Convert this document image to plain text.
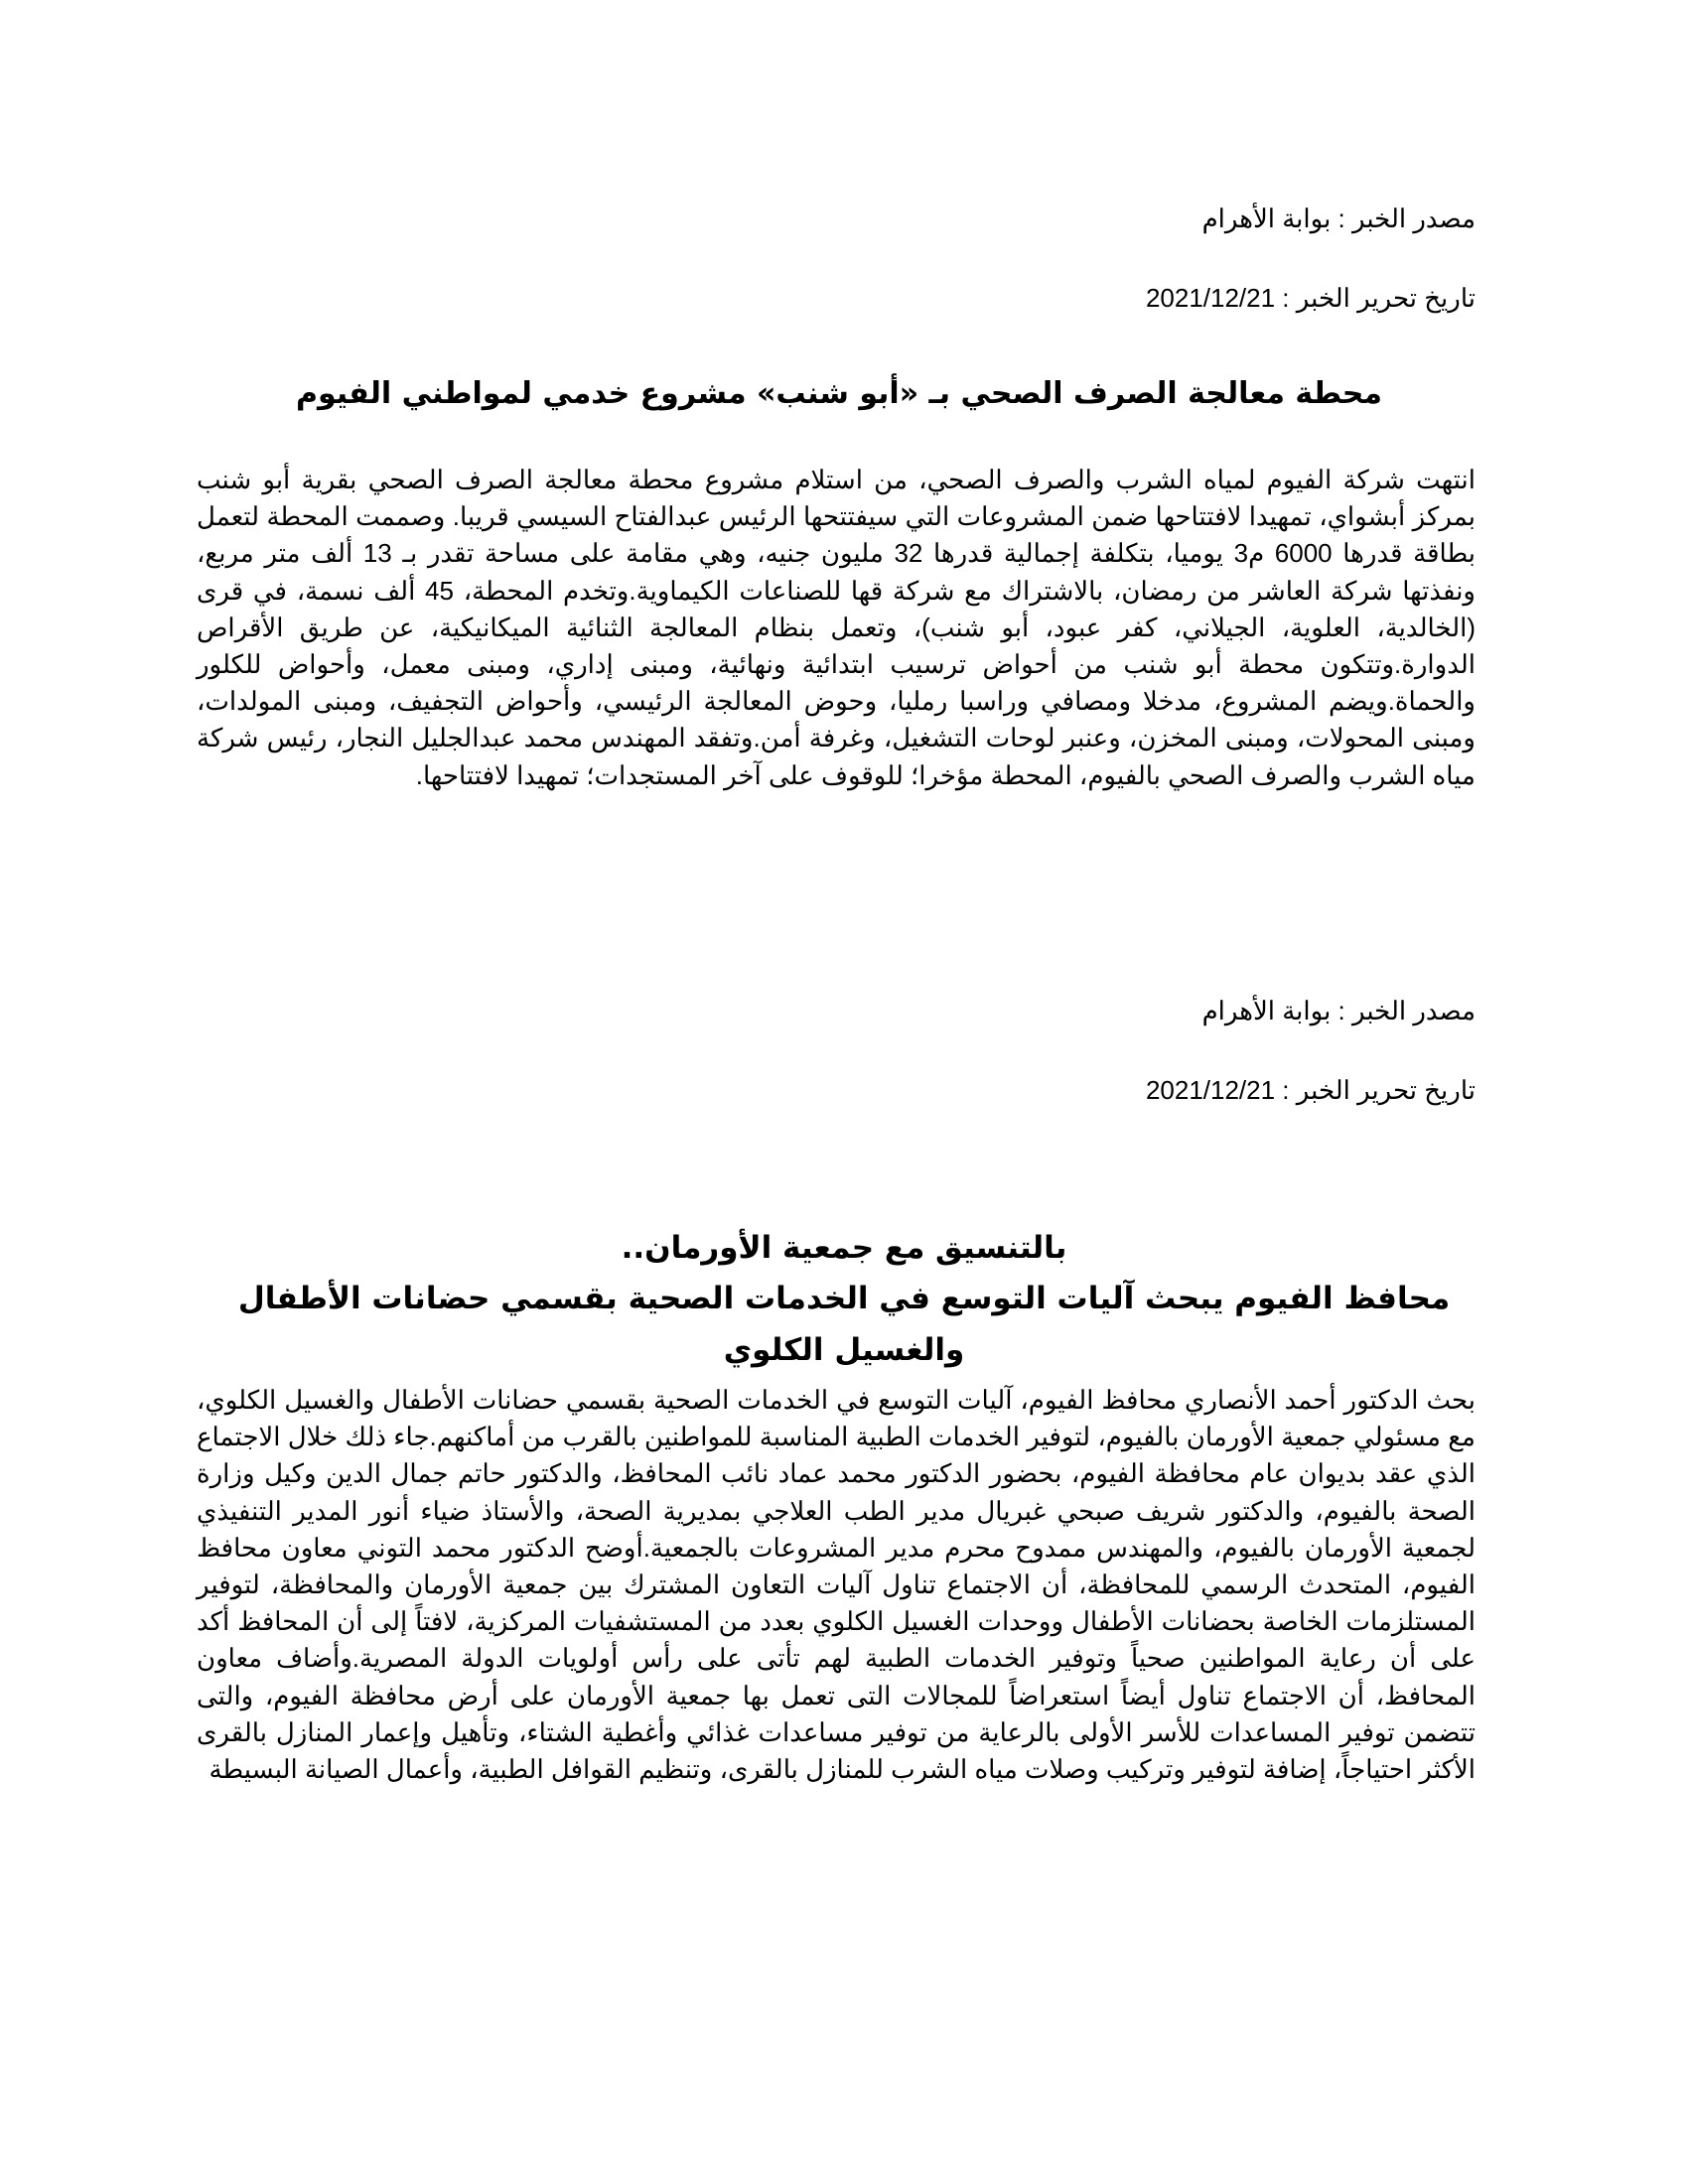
مصدر الخبر : بوابة الأهرام
تاريخ تحرير الخبر : 2021/12/21
محطة معالجة الصرف الصحي بـ «أبو شنب» مشروع خدمي لمواطني الفيوم

انتهت شركة الفيوم لمياه الشرب والصرف الصحي، من استلام مشروع محطة معالجة الصرف الصحي بقرية أبو شنب بمركز أبشواي، تمهيدا لافتتاحها ضمن المشروعات التي سيفتتحها الرئيس عبدالفتاح السيسي قريبا. وصممت المحطة لتعمل بطاقة قدرها 6000 م3 يوميا، بتكلفة إجمالية قدرها 32 مليون جنيه، وهي مقامة على مساحة تقدر بـ 13 ألف متر مربع، ونفذتها شركة العاشر من رمضان، بالاشتراك مع شركة قها للصناعات الكيماوية.وتخدم المحطة، 45 ألف نسمة، في قرى (الخالدية، العلوية، الجيلاني، كفر عبود، أبو شنب)، وتعمل بنظام المعالجة الثنائية الميكانيكية، عن طريق الأقراص الدوارة.وتتكون محطة أبو شنب من أحواض ترسيب ابتدائية ونهائية، ومبنى إداري، ومبنى معمل، وأحواض للكلور والحماة.ويضم المشروع، مدخلا ومصافي وراسبا رمليا، وحوض المعالجة الرئيسي، وأحواض التجفيف، ومبنى المولدات، ومبنى المحولات، ومبنى المخزن، وعنبر لوحات التشغيل، وغرفة أمن.وتفقد المهندس محمد عبدالجليل النجار، رئيس شركة مياه الشرب والصرف الصحي بالفيوم، المحطة مؤخرا؛ للوقوف على آخر المستجدات؛ تمهيدا لافتتاحها.

مصدر الخبر : بوابة الأهرام
تاريخ تحرير الخبر : 2021/12/21
بالتنسيق مع جمعية الأورمان..
محافظ الفيوم يبحث آليات التوسع في الخدمات الصحية بقسمي حضانات الأطفال
والغسيل الكلوي

بحث الدكتور أحمد الأنصاري محافظ الفيوم، آليات التوسع في الخدمات الصحية بقسمي حضانات الأطفال والغسيل الكلوي، مع مسئولي جمعية الأورمان بالفيوم، لتوفير الخدمات الطبية المناسبة للمواطنين بالقرب من أماكنهم.جاء ذلك خلال الاجتماع الذي عقد بديوان عام محافظة الفيوم، بحضور الدكتور محمد عماد نائب المحافظ، والدكتور حاتم جمال الدين وكيل وزارة الصحة بالفيوم، والدكتور شريف صبحي غبريال مدير الطب العلاجي بمديرية الصحة، والأستاذ ضياء أنور المدير التنفيذي لجمعية الأورمان بالفيوم، والمهندس ممدوح محرم مدير المشروعات بالجمعية.أوضح الدكتور محمد التوني معاون محافظ الفيوم، المتحدث الرسمي للمحافظة، أن الاجتماع تناول آليات التعاون المشترك بين جمعية الأورمان والمحافظة، لتوفير المستلزمات الخاصة بحضانات الأطفال ووحدات الغسيل الكلوي بعدد من المستشفيات المركزية، لافتاً إلى أن المحافظ أكد على أن رعاية المواطنين صحياً وتوفير الخدمات الطبية لهم تأتى على رأس أولويات الدولة المصرية.وأضاف معاون المحافظ، أن الاجتماع تناول أيضاً استعراضاً للمجالات التى تعمل بها جمعية الأورمان على أرض محافظة الفيوم، والتى تتضمن توفير المساعدات للأسر الأولى بالرعاية من توفير مساعدات غذائي وأغطية الشتاء، وتأهيل وإعمار المنازل بالقرى الأكثر احتياجاً، إضافة لتوفير وتركيب وصلات مياه الشرب للمنازل بالقرى، وتنظيم القوافل الطبية، وأعمال الصيانة البسيطة
